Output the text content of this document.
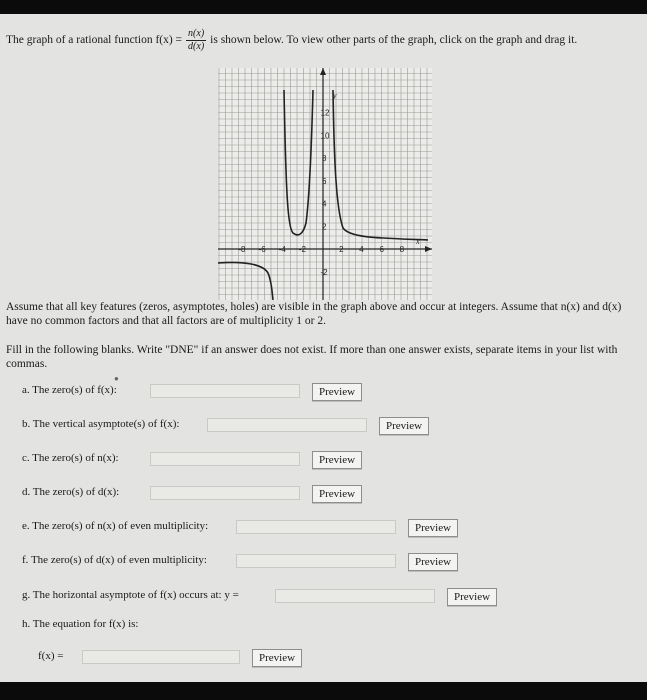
The graph of a rational function $f(x) = \frac{n(x)}{d(x)}$ is shown below. To view other parts of the graph, click on the graph and drag it.
x
y
12
10
8
6
4
2
-2
-8 -6 -4 -2	2 4 6 8
Assume that all key features (zeros, asymptotes, holes) are visible in the graph above and occur at integers. Assume that n(x) and d(x) have no common factors and that all factors are of multiplicity 1 or 2.
Fill in the following blanks. Write "DNE" if an answer does not exist. If more than one answer exists, separate items in your list with commas.
●
a. The zero(s) of f(x):	Preview
b. The vertical asymptote(s) of f(x):	Preview
c. The zero(s) of n(x):	Preview
d. The zero(s) of d(x):	Preview
e. The zero(s) of n(x) of even multiplicity:	Preview
f. The zero(s) of d(x) of even multiplicity:	Preview
g. The horizontal asymptote of f(x) occurs at: y =	Preview
h. The equation for f(x) is:
f(x) =	Preview
